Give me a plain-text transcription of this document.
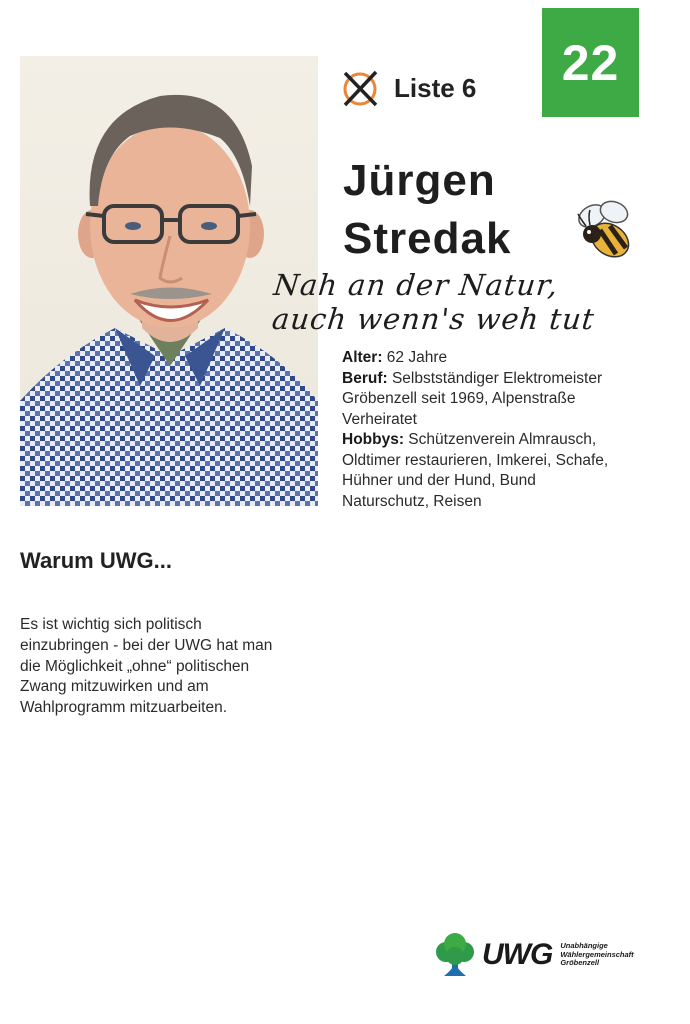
Liste 6	22
Jürgen
Stredak
Nah an der Natur,
auch wenn's weh tut
Alter: 62 Jahre
Beruf: Selbstständiger Elektromeister
Gröbenzell seit 1969, Alpenstraße
Verheiratet
Hobbys: Schützenverein Almrausch,
Oldtimer restaurieren, Imkerei, Schafe,
Hühner und der Hund, Bund
Naturschutz, Reisen
Warum UWG...
Es ist wichtig sich politisch
einzubringen - bei der UWG hat man
die Möglichkeit „ohne“ politischen
Zwang mitzuwirken und am
Wahlprogramm mitzuarbeiten.
UWG Unabhängige
Wählergemeinschaft
Gröbenzell
